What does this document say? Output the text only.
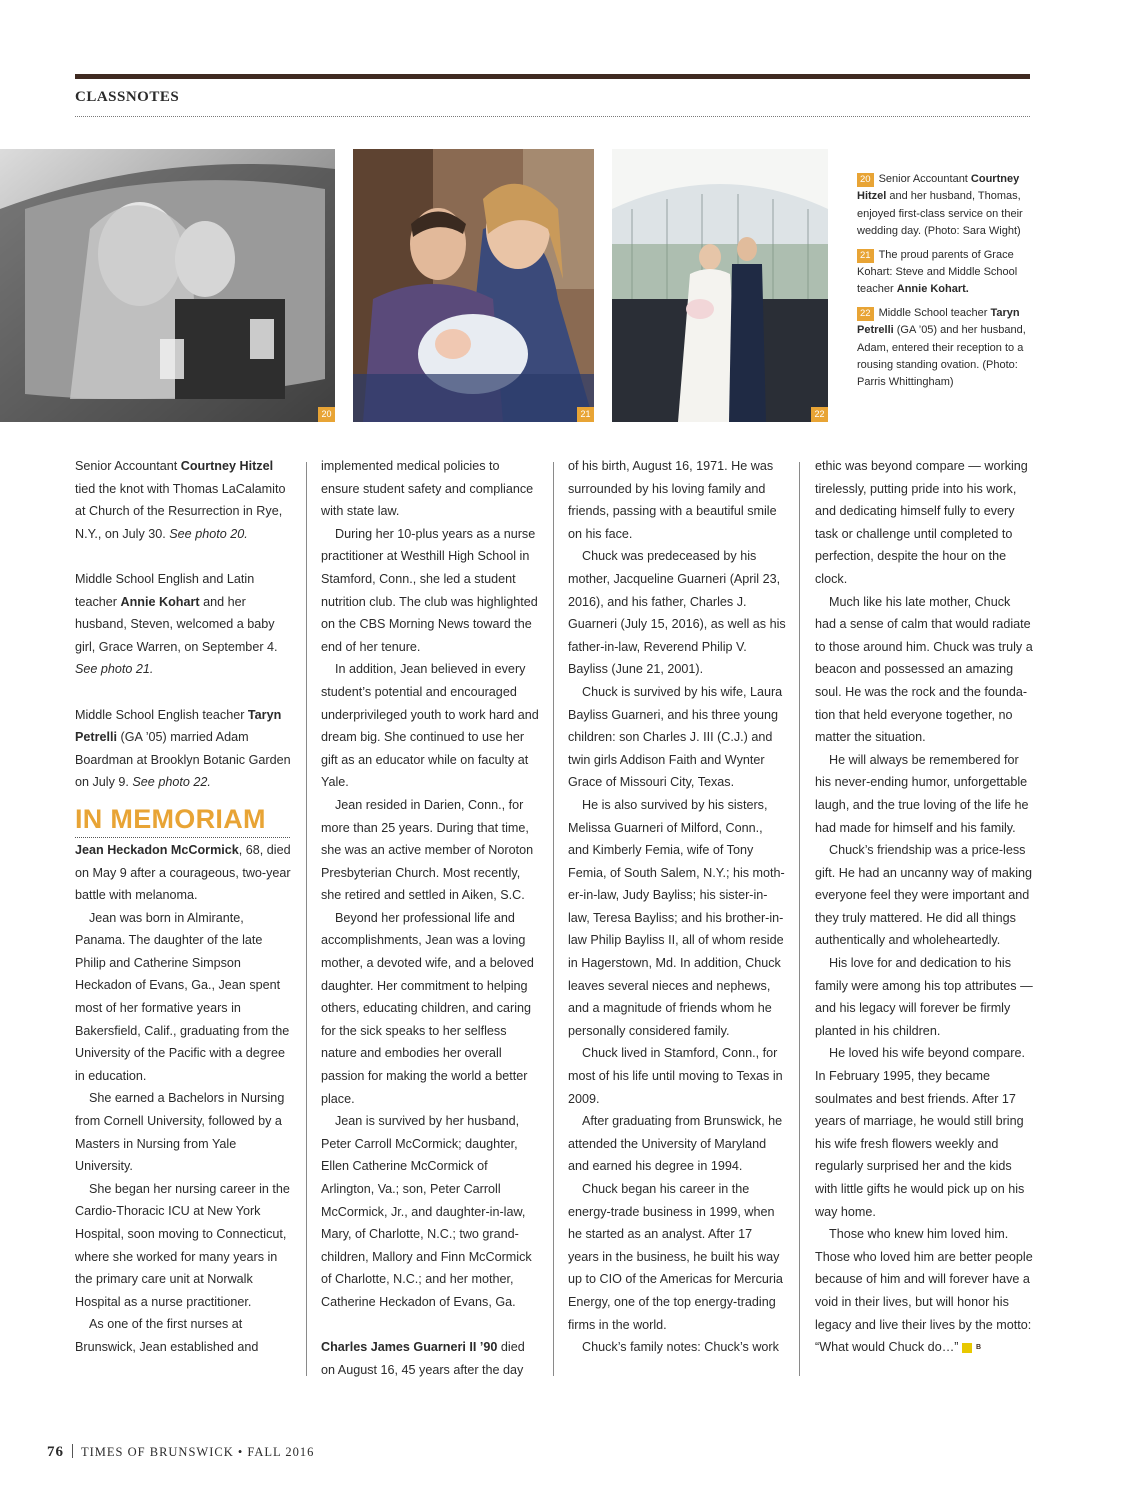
CLASSNOTES
20	21	22
20 Senior Accountant Courtney Hitzel and her husband, Thomas, enjoyed first-class service on their wedding day. (Photo: Sara Wight)
21 The proud parents of Grace Kohart: Steve and Middle School teacher Annie Kohart.
22 Middle School teacher Taryn Petrelli (GA ’05) and her husband, Adam, entered their reception to a rousing standing ovation. (Photo: Parris Whittingham)

Senior Accountant Courtney Hitzel tied the knot with Thomas LaCalamito at Church of the Resurrection in Rye, N.Y., on July 30. See photo 20.

Middle School English and Latin teacher Annie Kohart and her husband, Steven, welcomed a baby girl, Grace Warren, on September 4. See photo 21.

Middle School English teacher Taryn Petrelli (GA ’05) married Adam Boardman at Brooklyn Botanic Garden on July 9. See photo 22.

IN MEMORIAM

Jean Heckadon McCormick, 68, died on May 9 after a courageous, two-year battle with melanoma.

Jean was born in Almirante, Panama. The daughter of the late Philip and Catherine Simpson Heckadon of Evans, Ga., Jean spent most of her formative years in Bakersfield, Calif., graduating from the University of the Pacific with a degree in education.

She earned a Bachelors in Nursing from Cornell University, followed by a Masters in Nursing from Yale University.

She began her nursing career in the Cardio-Thoracic ICU at New York Hospital, soon moving to Connecticut, where she worked for many years in the primary care unit at Norwalk Hospital as a nurse practitioner.

As one of the first nurses at Brunswick, Jean established and

implemented medical policies to ensure student safety and compliance with state law.

During her 10-plus years as a nurse practitioner at Westhill High School in Stamford, Conn., she led a student nutrition club. The club was highlighted on the CBS Morning News toward the end of her tenure.

In addition, Jean believed in every student’s potential and encouraged underprivileged youth to work hard and dream big. She continued to use her gift as an educator while on faculty at Yale.

Jean resided in Darien, Conn., for more than 25 years. During that time, she was an active member of Noroton Presbyterian Church. Most recently, she retired and settled in Aiken, S.C.

Beyond her professional life and accomplishments, Jean was a loving mother, a devoted wife, and a beloved daughter. Her commitment to helping others, educating children, and caring for the sick speaks to her selfless nature and embodies her overall passion for making the world a better place.

Jean is survived by her husband, Peter Carroll McCormick; daughter, Ellen Catherine McCormick of Arlington, Va.; son, Peter Carroll McCormick, Jr., and daughter-in-law, Mary, of Charlotte, N.C.; two grand-children, Mallory and Finn McCormick of Charlotte, N.C.; and her mother, Catherine Heckadon of Evans, Ga.

Charles James Guarneri II ’90 died on August 16, 45 years after the day

of his birth, August 16, 1971. He was surrounded by his loving family and friends, passing with a beautiful smile on his face.

Chuck was predeceased by his mother, Jacqueline Guarneri (April 23, 2016), and his father, Charles J. Guarneri (July 15, 2016), as well as his father-in-law, Reverend Philip V. Bayliss (June 21, 2001).

Chuck is survived by his wife, Laura Bayliss Guarneri, and his three young children: son Charles J. III (C.J.) and twin girls Addison Faith and Wynter Grace of Missouri City, Texas.

He is also survived by his sisters, Melissa Guarneri of Milford, Conn., and Kimberly Femia, wife of Tony Femia, of South Salem, N.Y.; his moth-er-in-law, Judy Bayliss; his sister-in-law, Teresa Bayliss; and his brother-in-law Philip Bayliss II, all of whom reside in Hagerstown, Md. In addition, Chuck leaves several nieces and nephews, and a magnitude of friends whom he personally considered family.

Chuck lived in Stamford, Conn., for most of his life until moving to Texas in 2009.

After graduating from Brunswick, he attended the University of Maryland and earned his degree in 1994.

Chuck began his career in the energy-trade business in 1999, when he started as an analyst. After 17 years in the business, he built his way up to CIO of the Americas for Mercuria Energy, one of the top energy-trading firms in the world.

Chuck’s family notes: Chuck’s work

ethic was beyond compare — working tirelessly, putting pride into his work, and dedicating himself fully to every task or challenge until completed to perfection, despite the hour on the clock.

Much like his late mother, Chuck had a sense of calm that would radiate to those around him. Chuck was truly a beacon and possessed an amazing soul. He was the rock and the founda-tion that held everyone together, no matter the situation.

He will always be remembered for his never-ending humor, unforgettable laugh, and the true loving of the life he had made for himself and his family.

Chuck’s friendship was a price-less gift. He had an uncanny way of making everyone feel they were important and they truly mattered. He did all things authentically and wholeheartedly.

His love for and dedication to his family were among his top attributes — and his legacy will forever be firmly planted in his children.

He loved his wife beyond compare. In February 1995, they became soulmates and best friends. After 17 years of marriage, he would still bring his wife fresh flowers weekly and regularly surprised her and the kids with little gifts he would pick up on his way home.

Those who knew him loved him. Those who loved him are better people because of him and will forever have a void in their lives, but will honor his legacy and live their lives by the motto: “What would Chuck do…”	B

76 TIMES OF BRUNSWICK • FALL 2016
